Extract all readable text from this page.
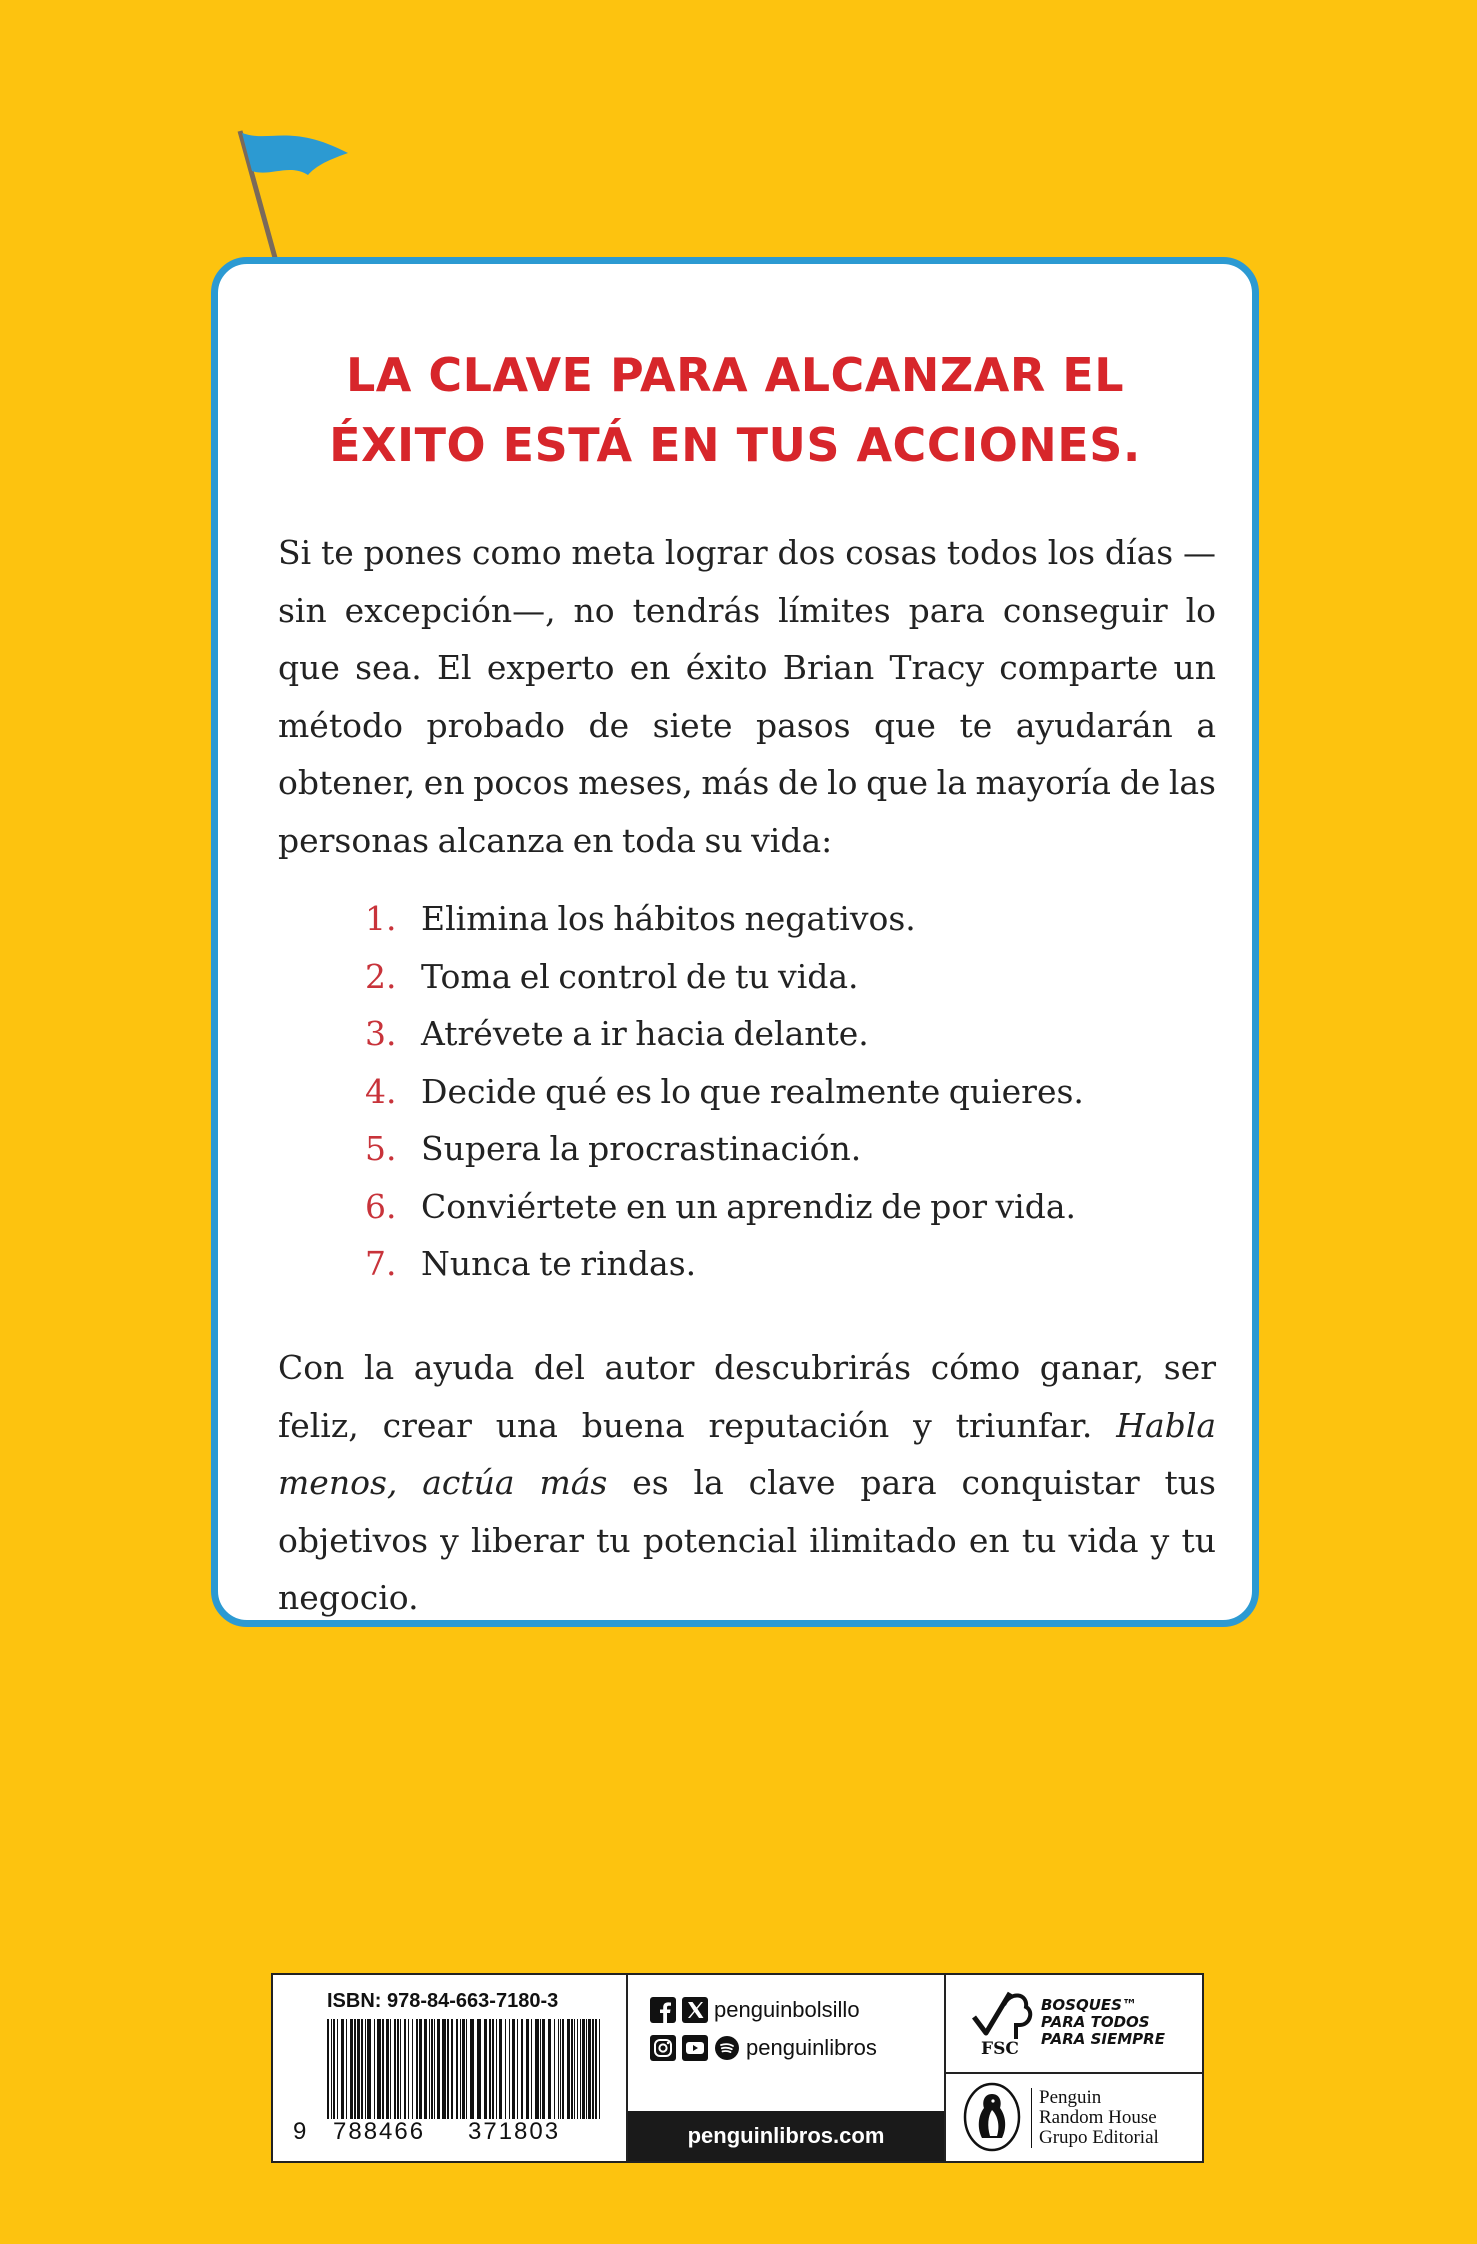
LA CLAVE PARA ALCANZAR EL
ÉXITO ESTÁ EN TUS ACCIONES.
Si te pones como meta lograr dos cosas todos los días —sin excepción—, no tendrás límites para conseguir lo que sea. El experto en éxito Brian Tracy comparte un método probado de siete pasos que te ayudarán a obtener, en pocos meses, más de lo que la mayoría de las personas alcanza en toda su vida:
1. Elimina los hábitos negativos.
2. Toma el control de tu vida.
3. Atrévete a ir hacia delante.
4. Decide qué es lo que realmente quieres.
5. Supera la procrastinación.
6. Conviértete en un aprendiz de por vida.
7. Nunca te rindas.
Con la ayuda del autor descubrirás cómo ganar, ser feliz, crear una buena reputación y triunfar. Habla menos, actúa más es la clave para conquistar tus objetivos y liberar tu potencial ilimitado en tu vida y tu negocio.
ISBN: 978-84-663-7180-3
9 788466 371803
penguinbolsillo
penguinlibros
penguinlibros.com
FSC
BOSQUES™
PARA TODOS
PARA SIEMPRE
Penguin
Random House
Grupo Editorial
